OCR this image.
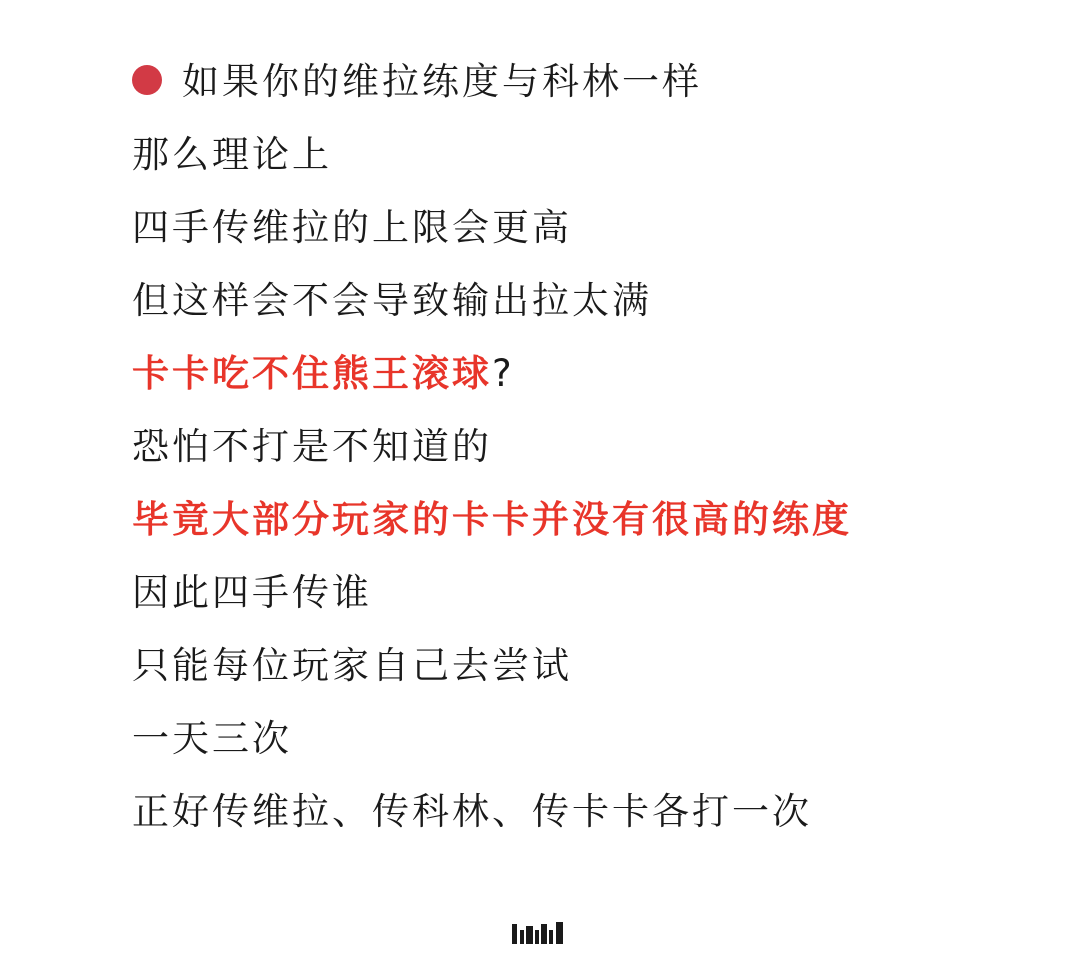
如果你的维拉练度与科林一样
那么理论上
四手传维拉的上限会更高
但这样会不会导致输出拉太满
卡卡吃不住熊王滚球?
恐怕不打是不知道的
毕竟大部分玩家的卡卡并没有很高的练度
因此四手传谁
只能每位玩家自己去尝试
一天三次
正好传维拉、传科林、传卡卡各打一次
